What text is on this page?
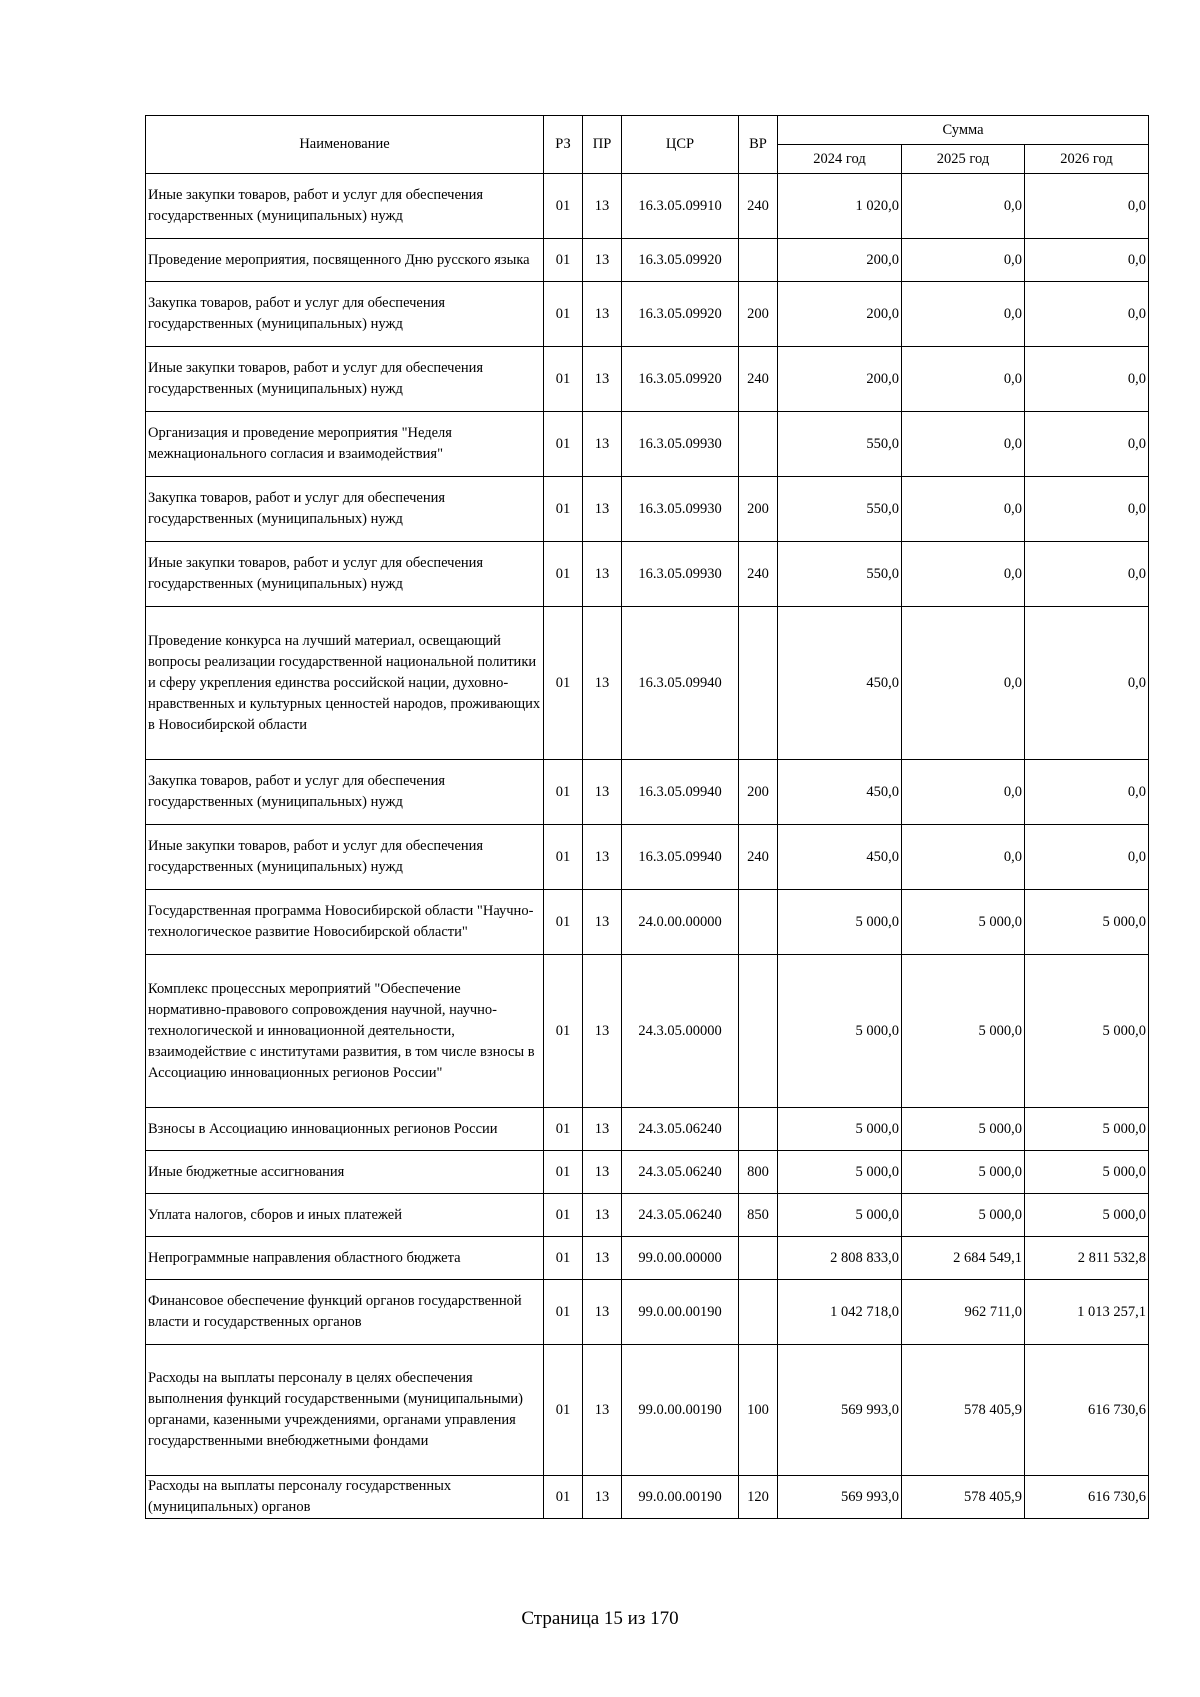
Наименование	РЗ	ПР	ЦСР	ВР	Сумма		
					2024 год	2025 год	2026 год
Иные закупки товаров, работ и услуг для обеспечения государственных (муниципальных) нужд	01	13	16.3.05.09910	240	1 020,0	0,0	0,0
Проведение мероприятия, посвященного Дню русского языка	01	13	16.3.05.09920		200,0	0,0	0,0
Закупка товаров, работ и услуг для обеспечения государственных (муниципальных) нужд	01	13	16.3.05.09920	200	200,0	0,0	0,0
Иные закупки товаров, работ и услуг для обеспечения государственных (муниципальных) нужд	01	13	16.3.05.09920	240	200,0	0,0	0,0
Организация и проведение мероприятия "Неделя межнационального согласия и взаимодействия"	01	13	16.3.05.09930		550,0	0,0	0,0
Закупка товаров, работ и услуг для обеспечения государственных (муниципальных) нужд	01	13	16.3.05.09930	200	550,0	0,0	0,0
Иные закупки товаров, работ и услуг для обеспечения государственных (муниципальных) нужд	01	13	16.3.05.09930	240	550,0	0,0	0,0
Проведение конкурса на лучший материал, освещающий вопросы реализации государственной национальной политики и сферу укрепления единства российской нации, духовно-нравственных и культурных ценностей народов, проживающих в Новосибирской области	01	13	16.3.05.09940		450,0	0,0	0,0
Закупка товаров, работ и услуг для обеспечения государственных (муниципальных) нужд	01	13	16.3.05.09940	200	450,0	0,0	0,0
Иные закупки товаров, работ и услуг для обеспечения государственных (муниципальных) нужд	01	13	16.3.05.09940	240	450,0	0,0	0,0
Государственная программа Новосибирской области "Научно-технологическое развитие Новосибирской области"	01	13	24.0.00.00000		5 000,0	5 000,0	5 000,0
Комплекс процессных мероприятий "Обеспечение нормативно-правового сопровождения научной, научно-технологической и инновационной деятельности, взаимодействие с институтами развития, в том числе взносы в Ассоциацию инновационных регионов России"	01	13	24.3.05.00000		5 000,0	5 000,0	5 000,0
Взносы в Ассоциацию инновационных регионов России	01	13	24.3.05.06240		5 000,0	5 000,0	5 000,0
Иные бюджетные ассигнования	01	13	24.3.05.06240	800	5 000,0	5 000,0	5 000,0
Уплата налогов, сборов и иных платежей	01	13	24.3.05.06240	850	5 000,0	5 000,0	5 000,0
Непрограммные направления областного бюджета	01	13	99.0.00.00000		2 808 833,0	2 684 549,1	2 811 532,8
Финансовое обеспечение функций органов государственной власти и государственных органов	01	13	99.0.00.00190		1 042 718,0	962 711,0	1 013 257,1
Расходы на выплаты персоналу в целях обеспечения выполнения функций государственными (муниципальными) органами, казенными учреждениями, органами управления государственными внебюджетными фондами	01	13	99.0.00.00190	100	569 993,0	578 405,9	616 730,6
Расходы на выплаты персоналу государственных (муниципальных) органов	01	13	99.0.00.00190	120	569 993,0	578 405,9	616 730,6
Страница 15 из 170
